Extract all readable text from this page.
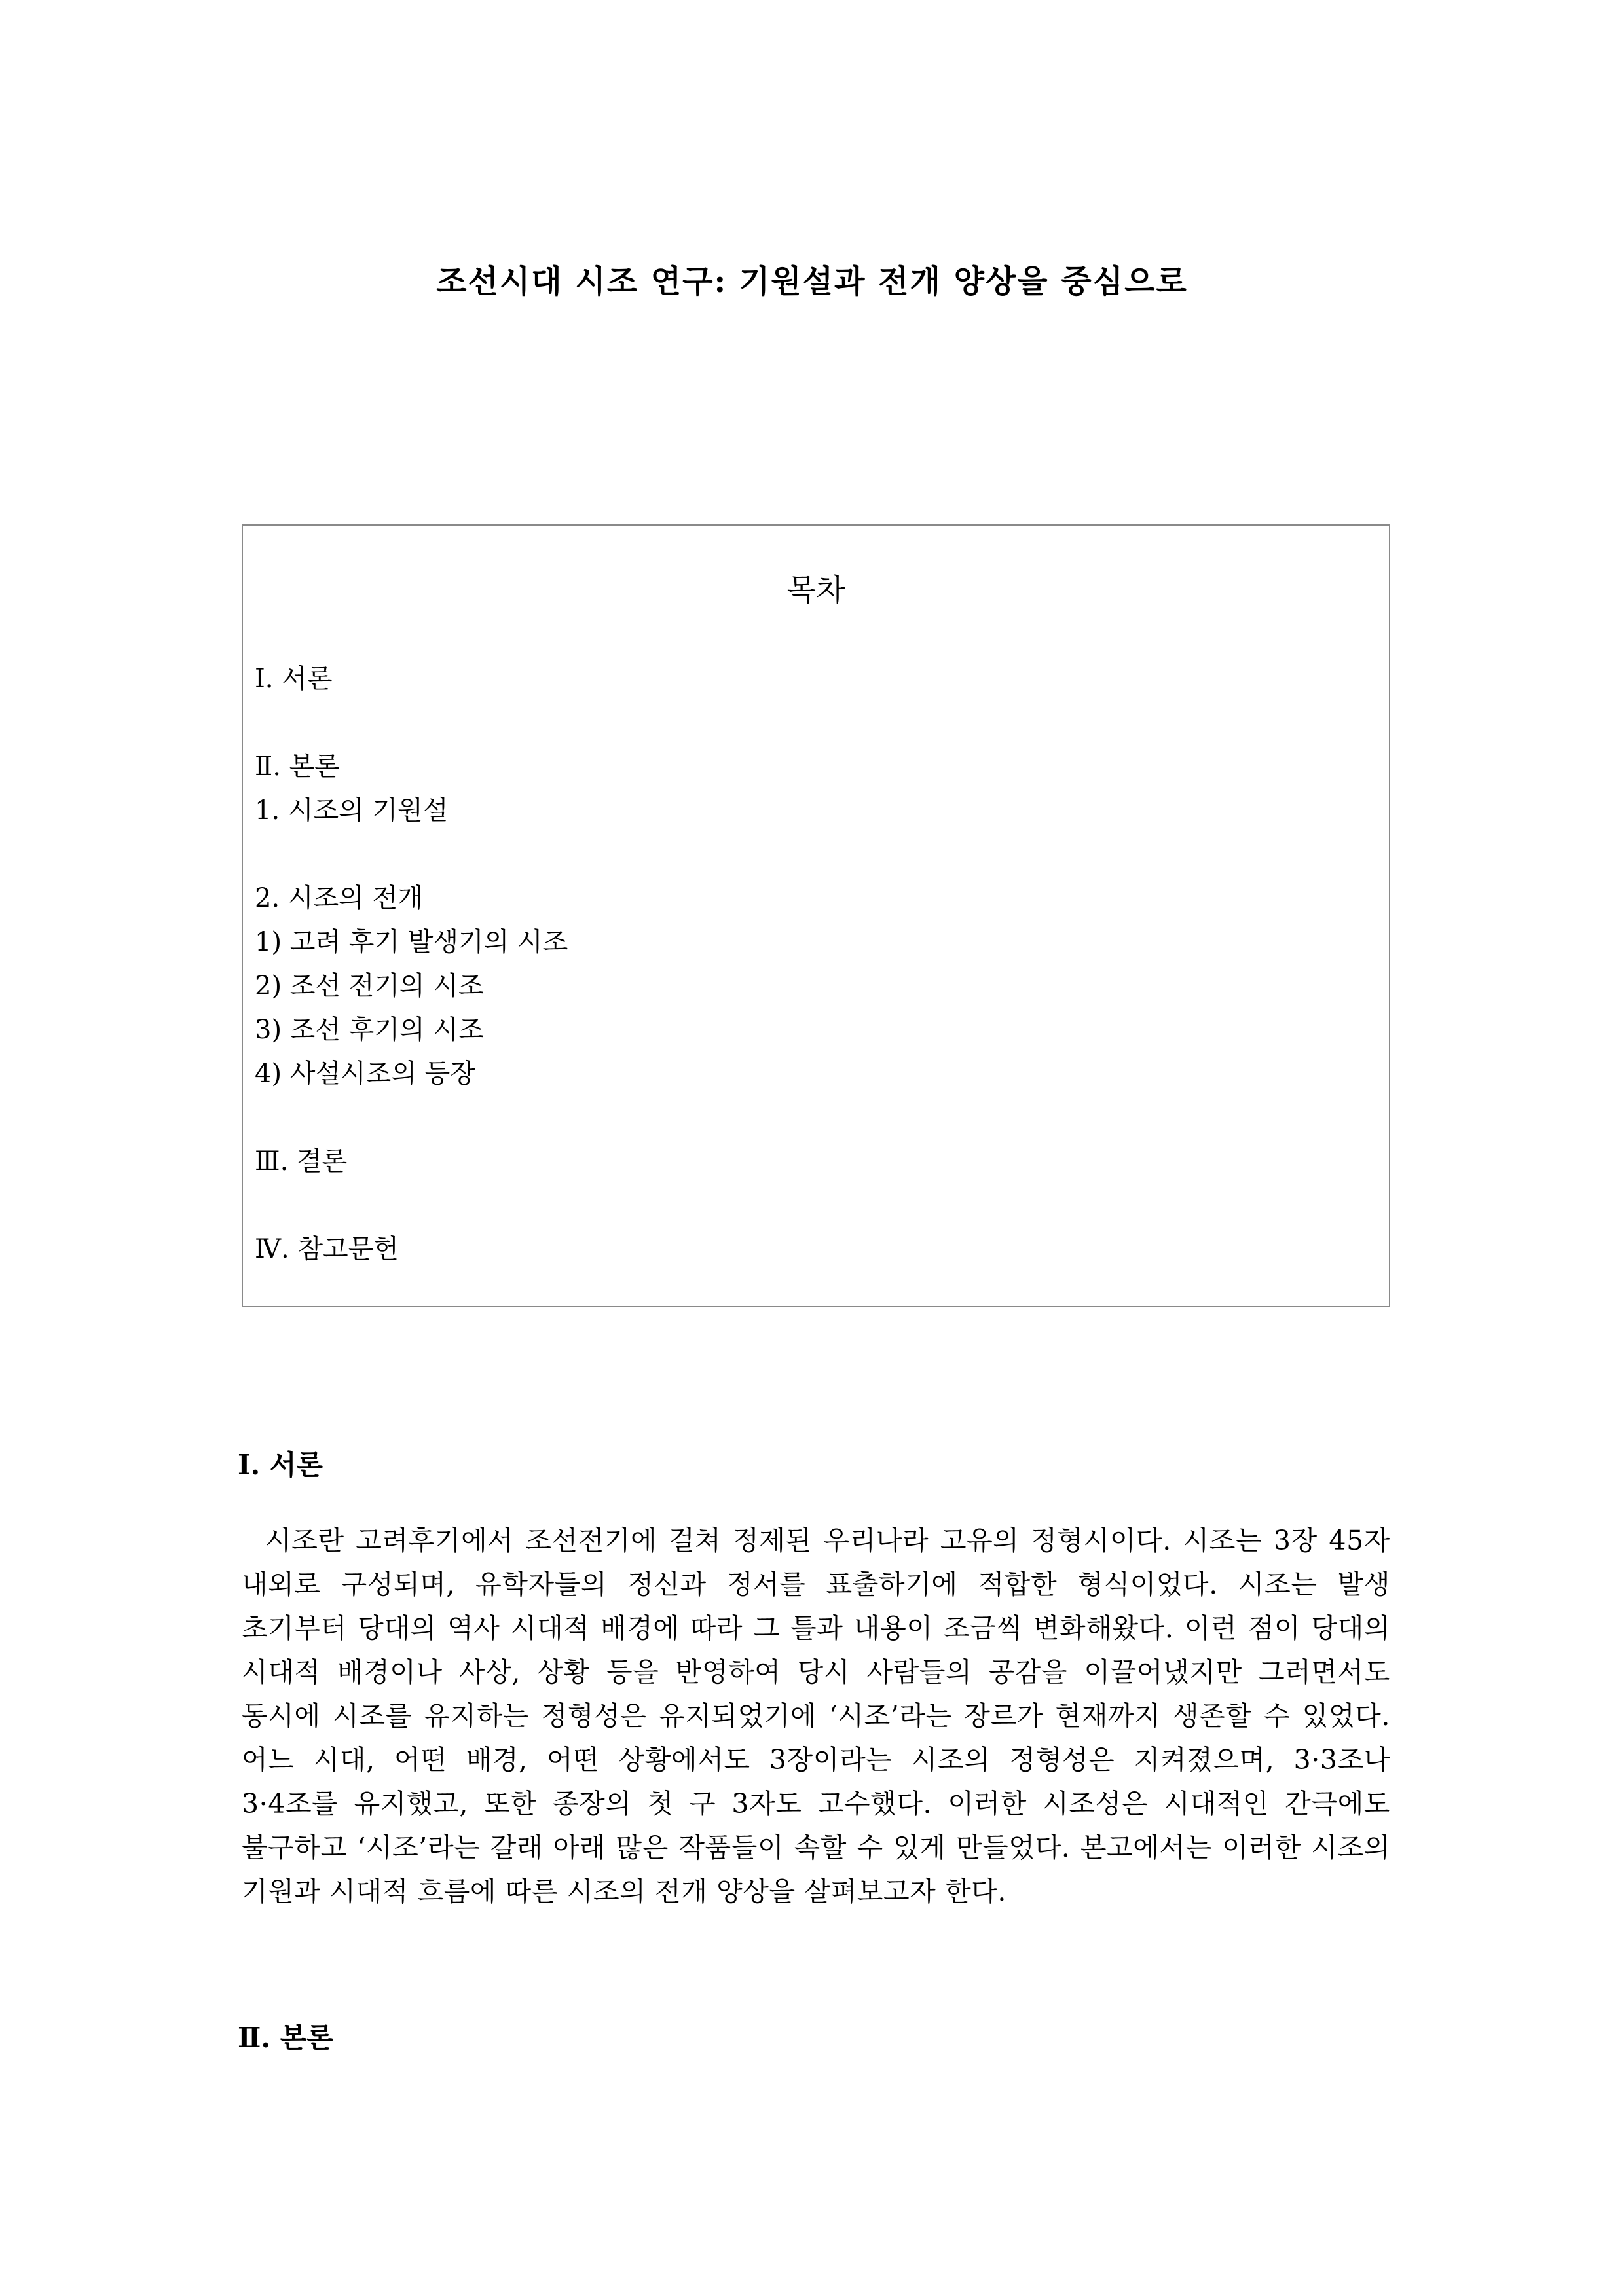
조선시대 시조 연구: 기원설과 전개 양상을 중심으로
목차
Ⅰ. 서론
Ⅱ. 본론
1. 시조의 기원설
2. 시조의 전개
1) 고려 후기 발생기의 시조
2) 조선 전기의 시조
3) 조선 후기의 시조
4) 사설시조의 등장
Ⅲ. 결론
Ⅳ. 참고문헌
Ⅰ. 서론

시조란 고려후기에서 조선전기에 걸쳐 정제된 우리나라 고유의 정형시이다. 시조는 3장 45자 내외로 구성되며, 유학자들의 정신과 정서를 표출하기에 적합한 형식이었다. 시조는 발생 초기부터 당대의 역사 시대적 배경에 따라 그 틀과 내용이 조금씩 변화해왔다. 이런 점이 당대의 시대적 배경이나 사상, 상황 등을 반영하여 당시 사람들의 공감을 이끌어냈지만 그러면서도 동시에 시조를 유지하는 정형성은 유지되었기에 ‘시조’라는 장르가 현재까지 생존할 수 있었다. 어느 시대, 어떤 배경, 어떤 상황에서도 3장이라는 시조의 정형성은 지켜졌으며, 3·3조나 3·4조를 유지했고, 또한 종장의 첫 구 3자도 고수했다. 이러한 시조성은 시대적인 간극에도 불구하고 ‘시조’라는 갈래 아래 많은 작품들이 속할 수 있게 만들었다. 본고에서는 이러한 시조의 기원과 시대적 흐름에 따른 시조의 전개 양상을 살펴보고자 한다.

Ⅱ. 본론
